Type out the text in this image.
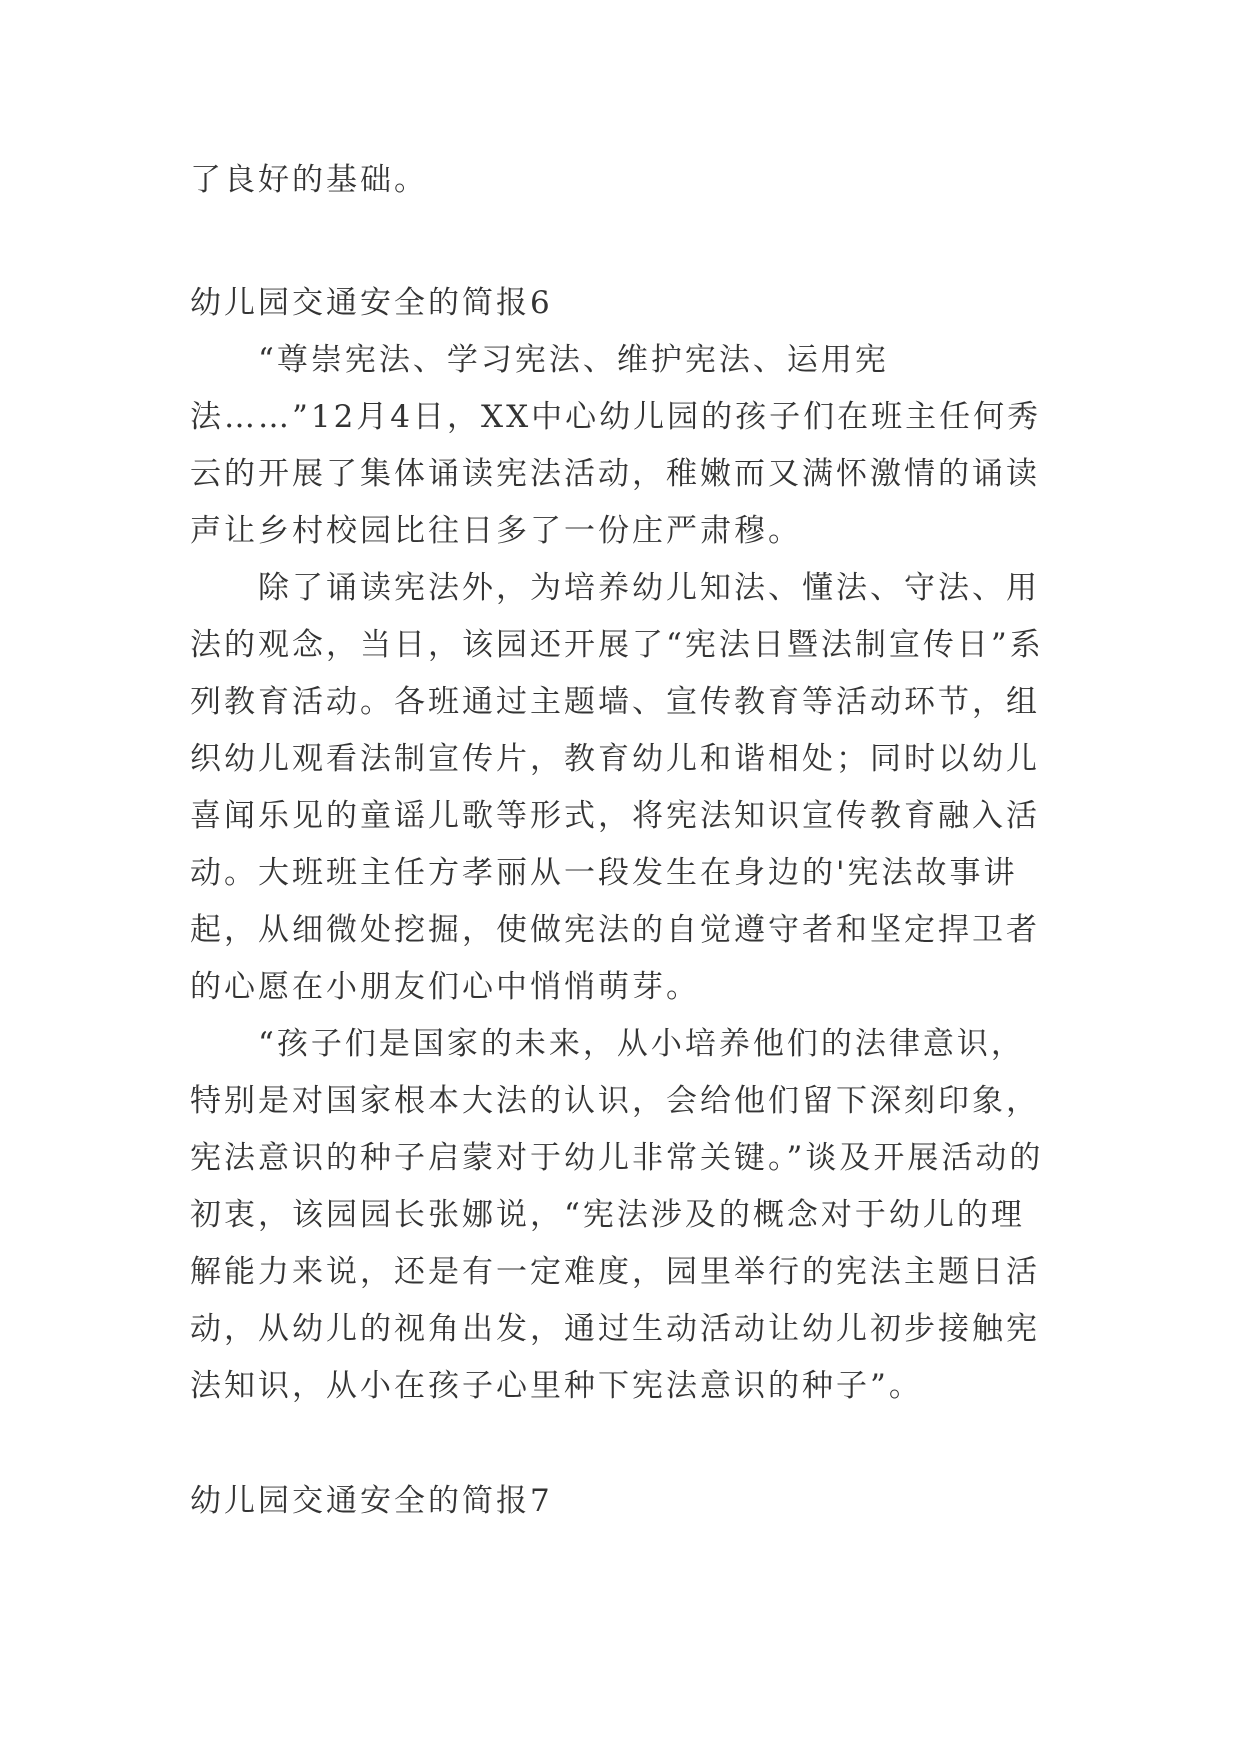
了良好的基础。

幼儿园交通安全的简报6

“尊崇宪法、学习宪法、维护宪法、运用宪法……”12月4日，XX中心幼儿园的孩子们在班主任何秀云的开展了集体诵读宪法活动，稚嫩而又满怀激情的诵读声让乡村校园比往日多了一份庄严肃穆。

除了诵读宪法外，为培养幼儿知法、懂法、守法、用法的观念，当日，该园还开展了“宪法日暨法制宣传日”系列教育活动。各班通过主题墙、宣传教育等活动环节，组织幼儿观看法制宣传片，教育幼儿和谐相处；同时以幼儿喜闻乐见的童谣儿歌等形式，将宪法知识宣传教育融入活动。大班班主任方孝丽从一段发生在身边的'宪法故事讲起，从细微处挖掘，使做宪法的自觉遵守者和坚定捍卫者的心愿在小朋友们心中悄悄萌芽。

“孩子们是国家的未来，从小培养他们的法律意识，特别是对国家根本大法的认识，会给他们留下深刻印象，宪法意识的种子启蒙对于幼儿非常关键。”谈及开展活动的初衷，该园园长张娜说，“宪法涉及的概念对于幼儿的理解能力来说，还是有一定难度，园里举行的宪法主题日活动，从幼儿的视角出发，通过生动活动让幼儿初步接触宪法知识，从小在孩子心里种下宪法意识的种子”。

幼儿园交通安全的简报7
